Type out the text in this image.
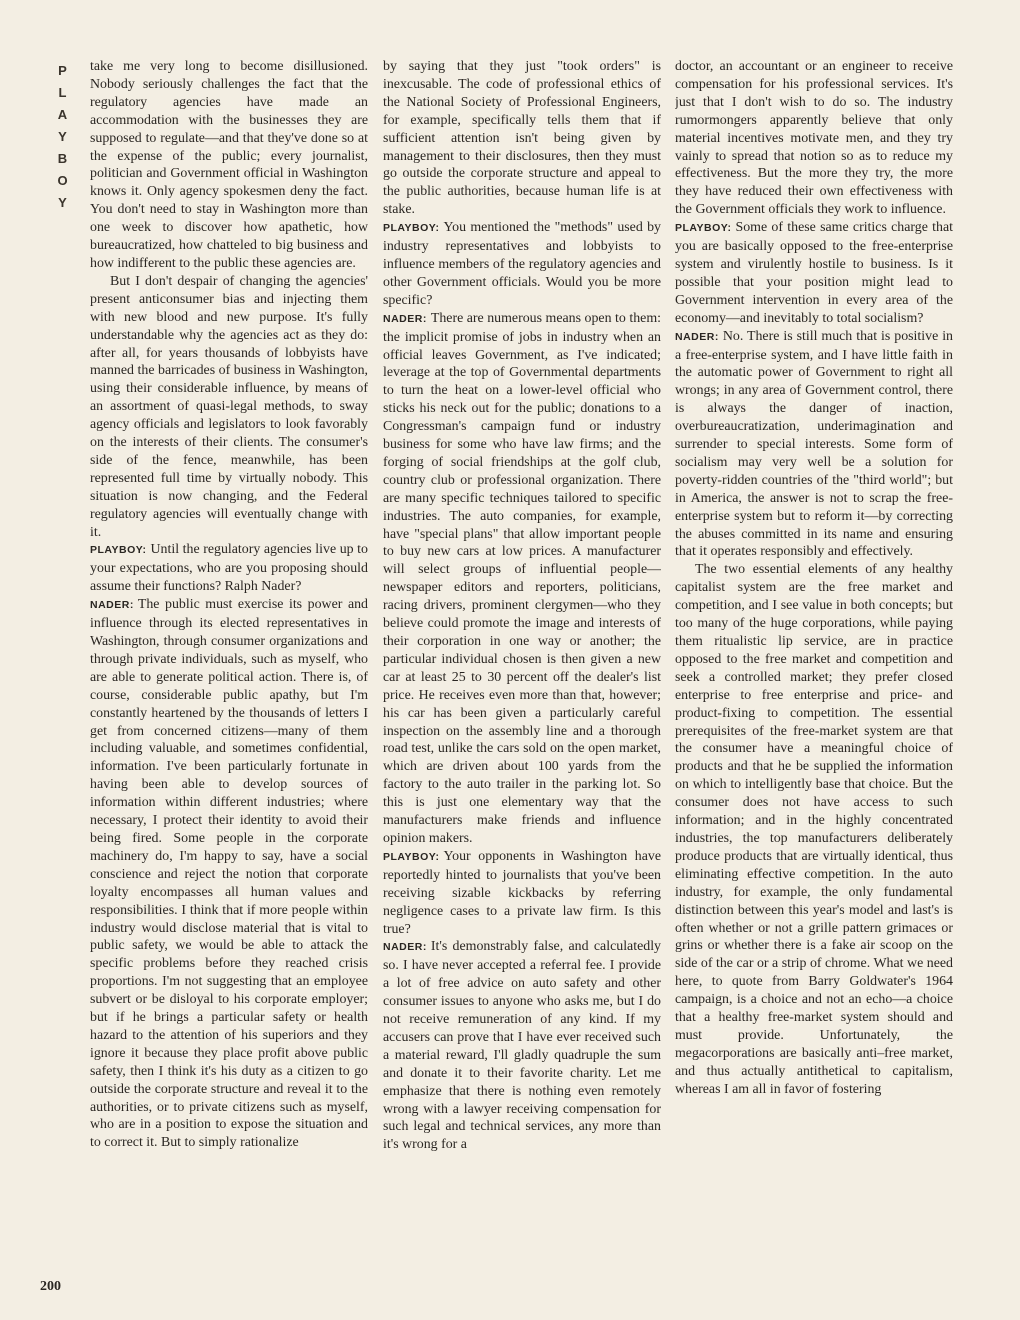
P
L
A
Y
B
O
Y

take me very long to become disillusioned. Nobody seriously challenges the fact that the regulatory agencies have made an accommodation with the businesses they are supposed to regulate—and that they've done so at the expense of the public; every journalist, politician and Government official in Washington knows it. Only agency spokesmen deny the fact. You don't need to stay in Washington more than one week to discover how apathetic, how bureaucratized, how chatteled to big business and how indifferent to the public these agencies are.

But I don't despair of changing the agencies' present anticonsumer bias and injecting them with new blood and new purpose. It's fully understandable why the agencies act as they do: after all, for years thousands of lobbyists have manned the barricades of business in Washington, using their considerable influence, by means of an assortment of quasi-legal methods, to sway agency officials and legislators to look favorably on the interests of their clients. The consumer's side of the fence, meanwhile, has been represented full time by virtually nobody. This situation is now changing, and the Federal regulatory agencies will eventually change with it.

PLAYBOY: Until the regulatory agencies live up to your expectations, who are you proposing should assume their functions? Ralph Nader?

NADER: The public must exercise its power and influence through its elected representatives in Washington, through consumer organizations and through private individuals, such as myself, who are able to generate political action. There is, of course, considerable public apathy, but I'm constantly heartened by the thousands of letters I get from concerned citizens—many of them including valuable, and sometimes confidential, information. I've been particularly fortunate in having been able to develop sources of information within different industries; where necessary, I protect their identity to avoid their being fired. Some people in the corporate machinery do, I'm happy to say, have a social conscience and reject the notion that corporate loyalty encompasses all human values and responsibilities. I think that if more people within industry would disclose material that is vital to public safety, we would be able to attack the specific problems before they reached crisis proportions. I'm not suggesting that an employee subvert or be disloyal to his corporate employer; but if he brings a particular safety or health hazard to the attention of his superiors and they ignore it because they place profit above public safety, then I think it's his duty as a citizen to go outside the corporate structure and reveal it to the authorities, or to private citizens such as myself, who are in a position to expose the situation and to correct it. But to simply rationalize

by saying that they just "took orders" is inexcusable. The code of professional ethics of the National Society of Professional Engineers, for example, specifically tells them that if sufficient attention isn't being given by management to their disclosures, then they must go outside the corporate structure and appeal to the public authorities, because human life is at stake.

PLAYBOY: You mentioned the "methods" used by industry representatives and lobbyists to influence members of the regulatory agencies and other Government officials. Would you be more specific?

NADER: There are numerous means open to them: the implicit promise of jobs in industry when an official leaves Government, as I've indicated; leverage at the top of Governmental departments to turn the heat on a lower-level official who sticks his neck out for the public; donations to a Congressman's campaign fund or industry business for some who have law firms; and the forging of social friendships at the golf club, country club or professional organization. There are many specific techniques tailored to specific industries. The auto companies, for example, have "special plans" that allow important people to buy new cars at low prices. A manufacturer will select groups of influential people—newspaper editors and reporters, politicians, racing drivers, prominent clergymen—who they believe could promote the image and interests of their corporation in one way or another; the particular individual chosen is then given a new car at least 25 to 30 percent off the dealer's list price. He receives even more than that, however; his car has been given a particularly careful inspection on the assembly line and a thorough road test, unlike the cars sold on the open market, which are driven about 100 yards from the factory to the auto trailer in the parking lot. So this is just one elementary way that the manufacturers make friends and influence opinion makers.

PLAYBOY: Your opponents in Washington have reportedly hinted to journalists that you've been receiving sizable kickbacks by referring negligence cases to a private law firm. Is this true?

NADER: It's demonstrably false, and calculatedly so. I have never accepted a referral fee. I provide a lot of free advice on auto safety and other consumer issues to anyone who asks me, but I do not receive remuneration of any kind. If my accusers can prove that I have ever received such a material reward, I'll gladly quadruple the sum and donate it to their favorite charity. Let me emphasize that there is nothing even remotely wrong with a lawyer receiving compensation for such legal and technical services, any more than it's wrong for a

doctor, an accountant or an engineer to receive compensation for his professional services. It's just that I don't wish to do so. The industry rumormongers apparently believe that only material incentives motivate men, and they try vainly to spread that notion so as to reduce my effectiveness. But the more they try, the more they have reduced their own effectiveness with the Government officials they work to influence.

PLAYBOY: Some of these same critics charge that you are basically opposed to the free-enterprise system and virulently hostile to business. Is it possible that your position might lead to Government intervention in every area of the economy—and inevitably to total socialism?

NADER: No. There is still much that is positive in a free-enterprise system, and I have little faith in the automatic power of Government to right all wrongs; in any area of Government control, there is always the danger of inaction, overbureaucratization, underimagination and surrender to special interests. Some form of socialism may very well be a solution for poverty-ridden countries of the "third world"; but in America, the answer is not to scrap the free-enterprise system but to reform it—by correcting the abuses committed in its name and ensuring that it operates responsibly and effectively.

The two essential elements of any healthy capitalist system are the free market and competition, and I see value in both concepts; but too many of the huge corporations, while paying them ritualistic lip service, are in practice opposed to the free market and competition and seek a controlled market; they prefer closed enterprise to free enterprise and price- and product-fixing to competition. The essential prerequisites of the free-market system are that the consumer have a meaningful choice of products and that he be supplied the information on which to intelligently base that choice. But the consumer does not have access to such information; and in the highly concentrated industries, the top manufacturers deliberately produce products that are virtually identical, thus eliminating effective competition. In the auto industry, for example, the only fundamental distinction between this year's model and last's is often whether or not a grille pattern grimaces or grins or whether there is a fake air scoop on the side of the car or a strip of chrome. What we need here, to quote from Barry Goldwater's 1964 campaign, is a choice and not an echo—a choice that a healthy free-market system should and must provide. Unfortunately, the megacorporations are basically anti–free market, and thus actually antithetical to capitalism, whereas I am all in favor of fostering

200
